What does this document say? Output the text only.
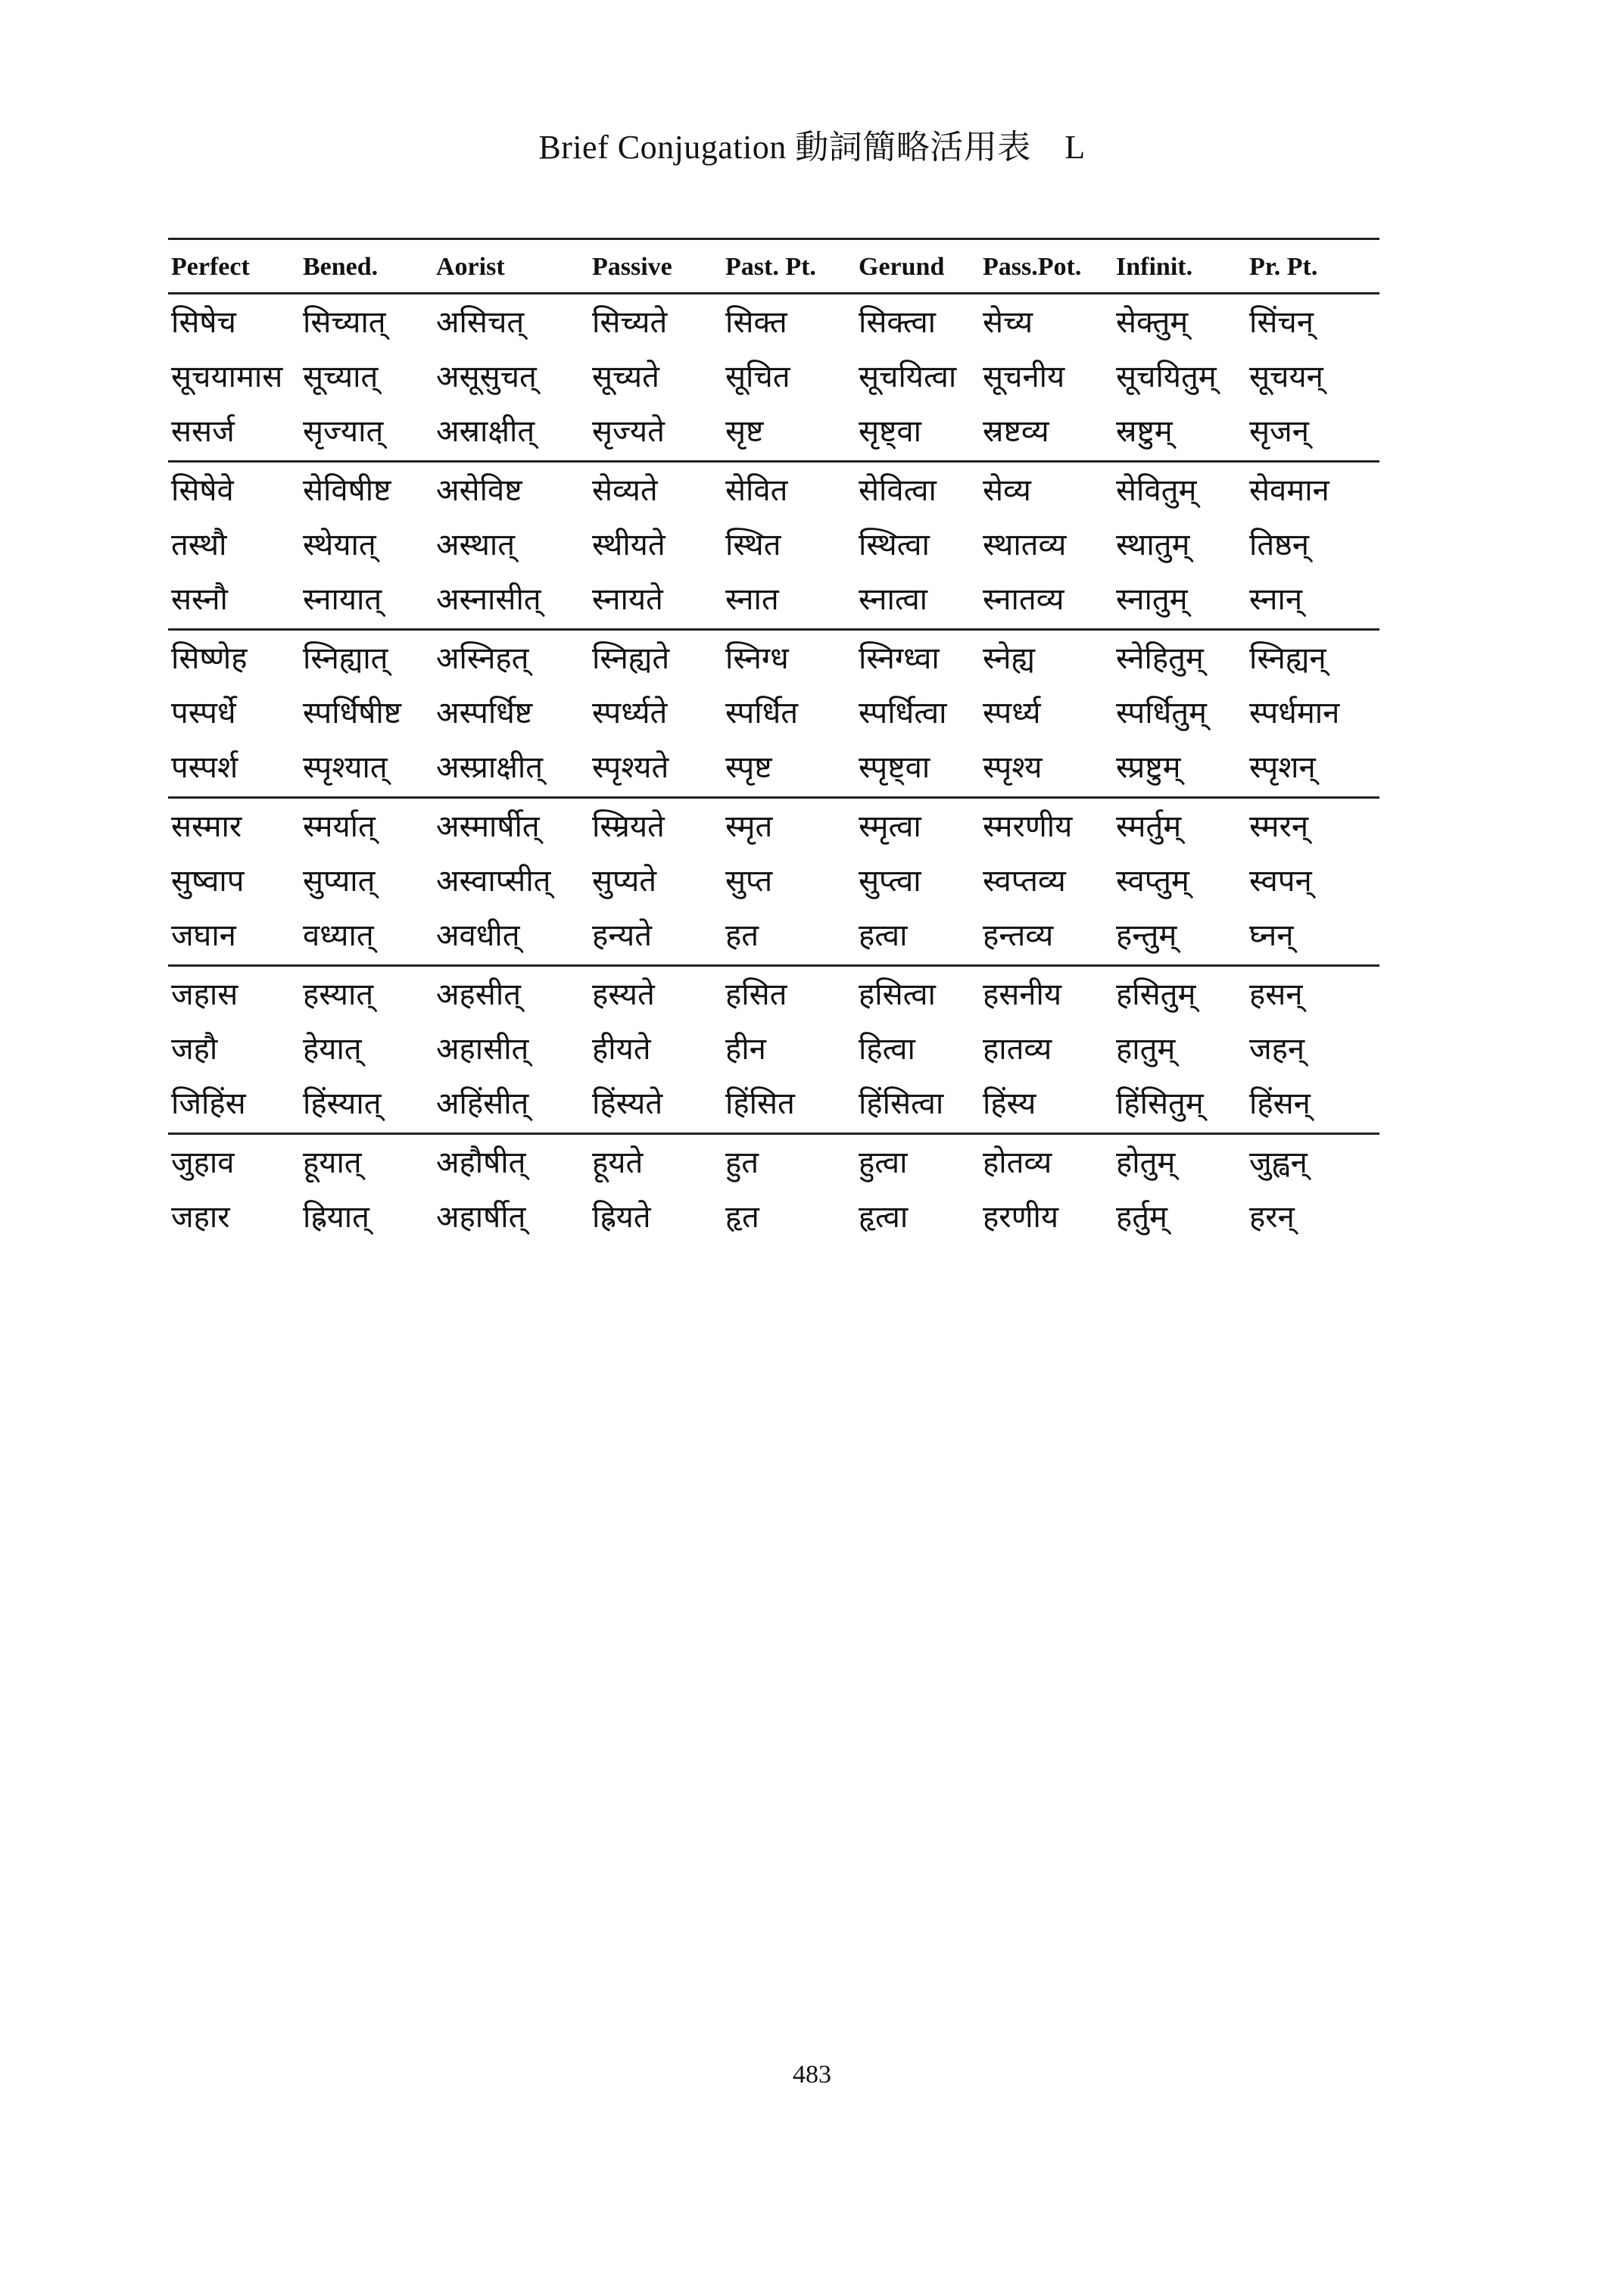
Brief Conjugation 動詞簡略活用表　L
Perfect Bened. Aorist	Passive Past. Pt. Gerund Pass.Pot. Infinit. Pr. Pt.
सिषेच सिच्यात् असिचत् सिच्यते सिक्त सिक्त्वा सेच्य	सेक्तुम् सिंचन्
सूचयामास सूच्यात् असूसुचत् सूच्यते सूचित सूचयित्वा सूचनीय सूचयितुम् सूचयन्
ससर्ज सृज्यात् अस्राक्षीत् सृज्यते सृष्ट	सृष्ट्वा स्रष्टव्य स्रष्टुम्	सृजन्
सिषेवे सेविषीष्ट असेविष्ट सेव्यते सेवित सेवित्वा सेव्य	सेवितुम् सेवमान
तस्थौ	स्थेयात् अस्थात्	स्थीयते स्थित	स्थित्वा स्थातव्य स्थातुम् तिष्ठन्
सस्नौ स्नायात् अस्नासीत् स्नायते स्नात	स्नात्वा स्नातव्य स्नातुम् स्नान्
सिष्णेह स्निह्यात् अस्निहत् स्निह्यते स्निग्ध स्निग्ध्वा स्नेह्य	स्नेहितुम् स्निह्यन्
पस्पर्धे स्पर्धिषीष्ट अस्पर्धिष्ट स्पर्ध्यते स्पर्धित स्पर्धित्वा स्पर्ध्य स्पर्धितुम् स्पर्धमान
पस्पर्श स्पृश्यात् अस्प्राक्षीत् स्पृश्यते स्पृष्ट	स्पृष्ट्वा स्पृश्य स्प्रष्टुम् स्पृशन्
सस्मार स्मर्यात् अस्मार्षीत् स्म्रियते स्मृत	स्मृत्वा स्मरणीय स्मर्तुम् स्मरन्
सुष्वाप सुप्यात् अस्वाप्सीत् सुप्यते सुप्त	सुप्त्वा स्वप्तव्य स्वप्तुम् स्वपन्
जघान वध्यात् अवधीत् हन्यते हत	हत्वा हन्तव्य हन्तुम् घ्नन्
जहास हस्यात् अहसीत् हस्यते हसित हसित्वा हसनीय हसितुम् हसन्
जहौ	हेयात् अहासीत् हीयते हीन	हित्वा हातव्य हातुम् जहन्
जिहिंस हिंस्यात् अहिंसीत् हिंस्यते हिंसित हिंसित्वा हिंस्य	हिंसितुम् हिंसन्
जुहाव हूयात् अहौषीत् हूयते	हुत	हुत्वा होतव्य होतुम् जुह्वन्
जहार ह्रियात् अहार्षीत् ह्रियते हृत	हृत्वा हरणीय हर्तुम्	हरन्
483
